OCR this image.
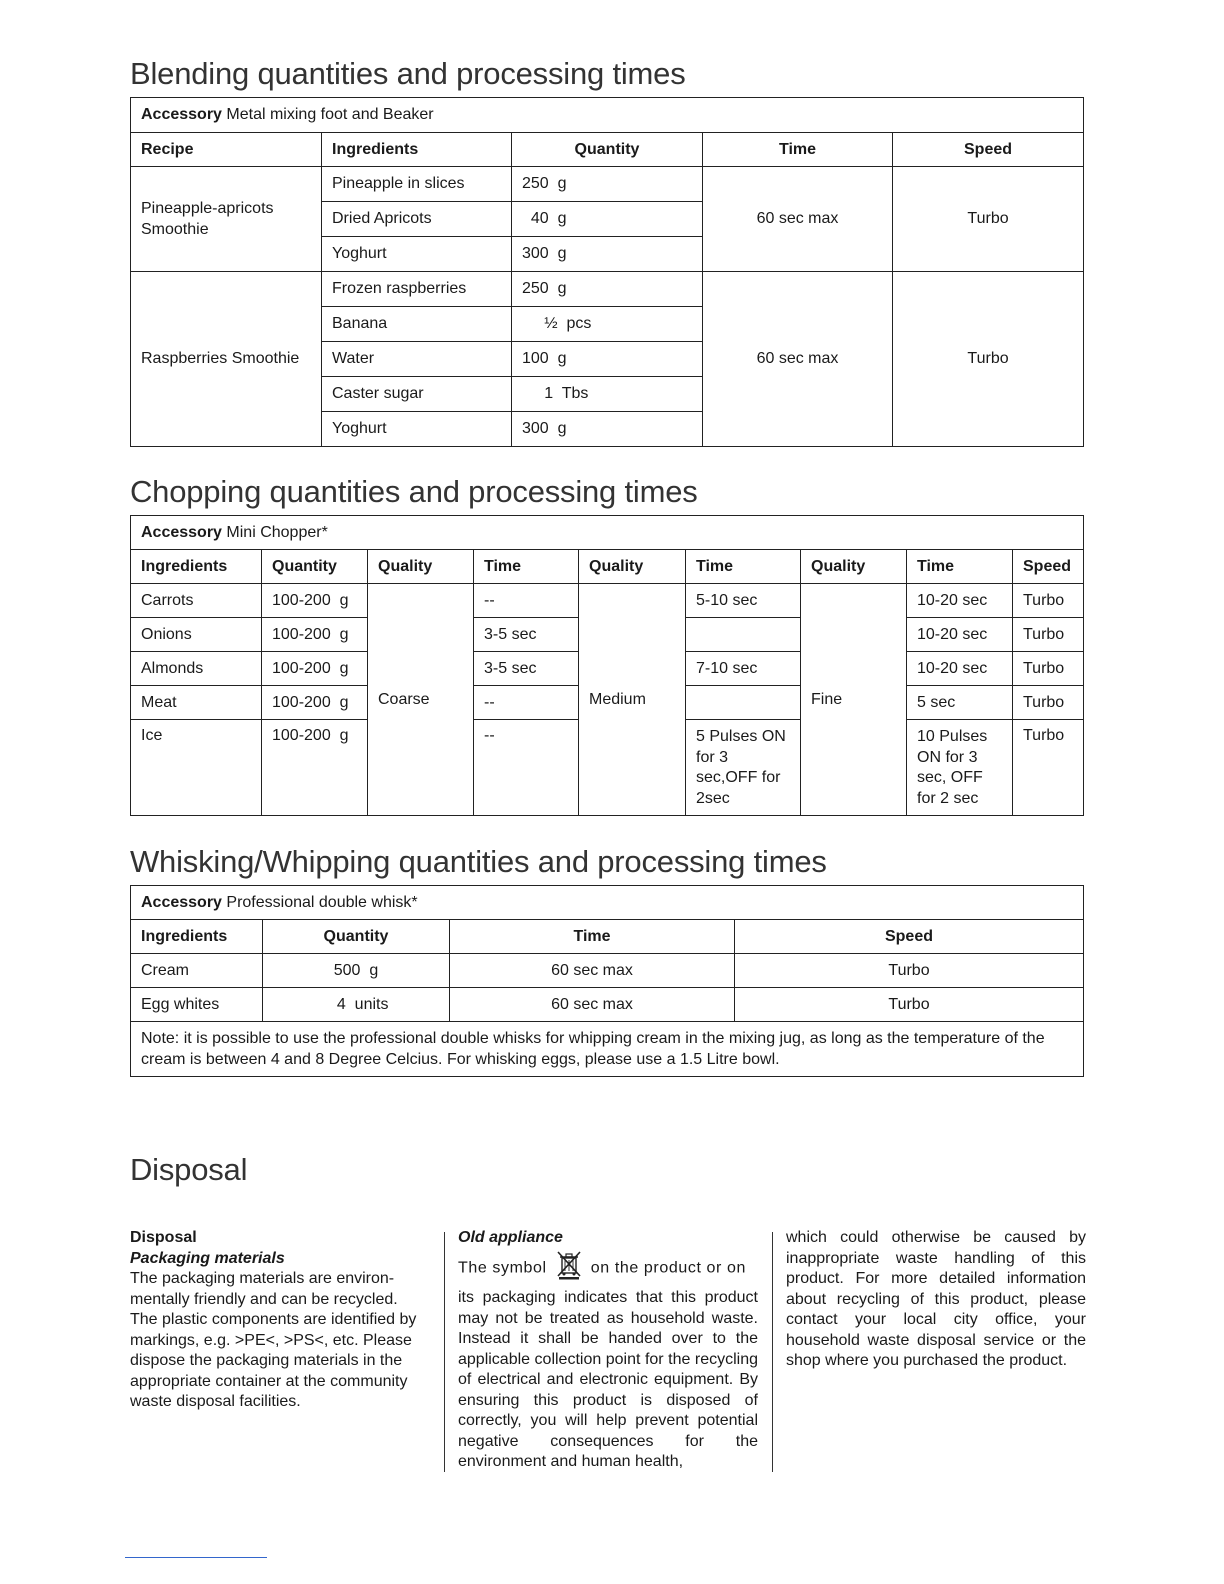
Blending quantities and processing times
Accessory Metal mixing foot and Beaker				
Recipe	Ingredients	Quantity	Time	Speed
Pineapple-apricots Smoothie	Pineapple in slices	250 g	60 sec max	Turbo
	Dried Apricots	40 g		
	Yoghurt	300 g		
Raspberries Smoothie	Frozen raspberries	250 g	60 sec max	Turbo
	Banana	½ pcs		
	Water	100 g		
	Caster sugar	1 Tbs		
	Yoghurt	300 g		
Chopping quantities and processing times
Accessory Mini Chopper*								
Ingredients	Quantity	Quality	Time	Quality	Time	Quality	Time	Speed
Carrots	100-200 g	Coarse	--	Medium	5-10 sec	Fine	10-20 sec	Turbo
Onions	100-200 g		3-5 sec				10-20 sec	Turbo
Almonds	100-200 g		3-5 sec		7-10 sec		10-20 sec	Turbo
Meat	100-200 g		--				5 sec	Turbo
Ice	100-200 g		--		5 Pulses ON for 3 sec,OFF for 2sec		10 Pulses ON for 3 sec, OFF for 2 sec	Turbo
Whisking/Whipping quantities and processing times
Accessory Professional double whisk*			
Ingredients	Quantity	Time	Speed
Cream	500 g	60 sec max	Turbo
Egg whites	4 units	60 sec max	Turbo
Note: it is possible to use the professional double whisks for whipping cream in the mixing jug, as long as the temperature of the cream is between 4 and 8 Degree Celcius. For whisking eggs, please use a 1.5 Litre bowl.			
Disposal

Disposal

Packaging materials

The packaging materials are environ-mentally friendly and can be recycled. The plastic components are identified by markings, e.g. >PE<, >PS<, etc. Please dispose the packaging materials in the appropriate container at the community waste disposal facilities.

Old appliance

The symbol	on the product or on

its packaging indicates that this product may not be treated as household waste. Instead it shall be handed over to the applicable collection point for the recycling of electrical and electronic equipment. By ensuring this product is disposed of correctly, you will help prevent potential negative consequences for the environment and human health,

which could otherwise be caused by inappropriate waste handling of this product. For more detailed information about recycling of this product, please contact your local city office, your household waste disposal service or the shop where you purchased the product.
